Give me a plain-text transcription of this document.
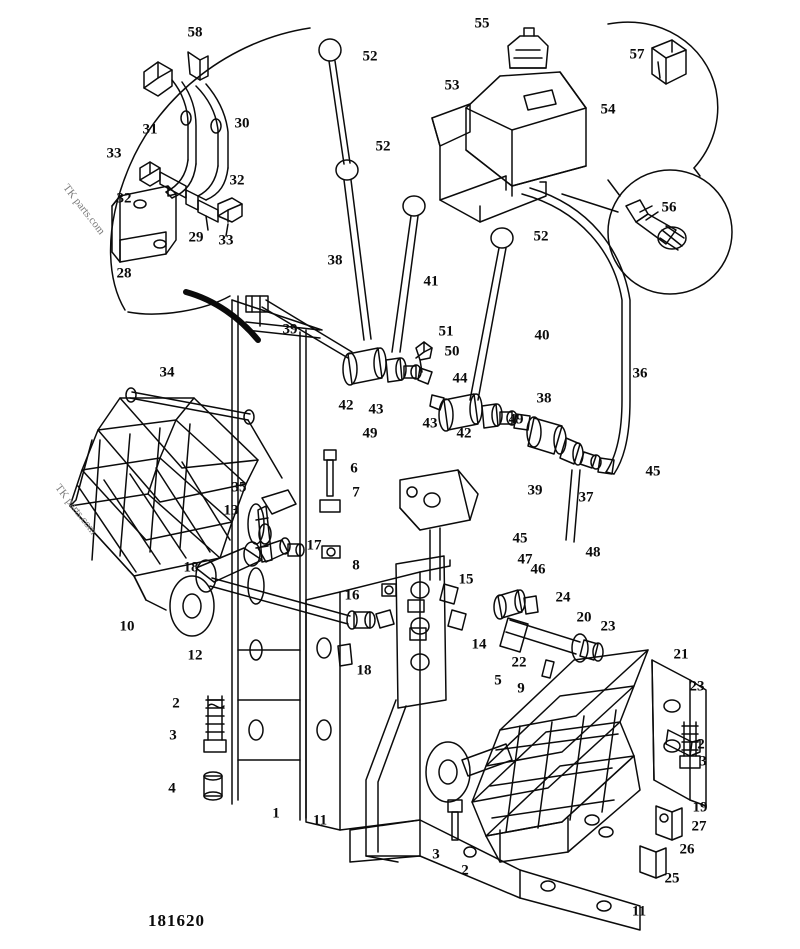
58
52
55
57
53
54
31	30
33	52
32
32
56
29 33	52
28
38
41
39	51
50
40
36
44
42 43
38
49
43
42
49
34
39
45
37
6
7
35
13
48
45
47
46
17
8
18
15
16	24
20
23
10
12
14
22
18
21
23
5 9
2
3
2
3
4
19
27
1 11
26
3
2	25
11
181620
TK parts.com
TK parts.com
